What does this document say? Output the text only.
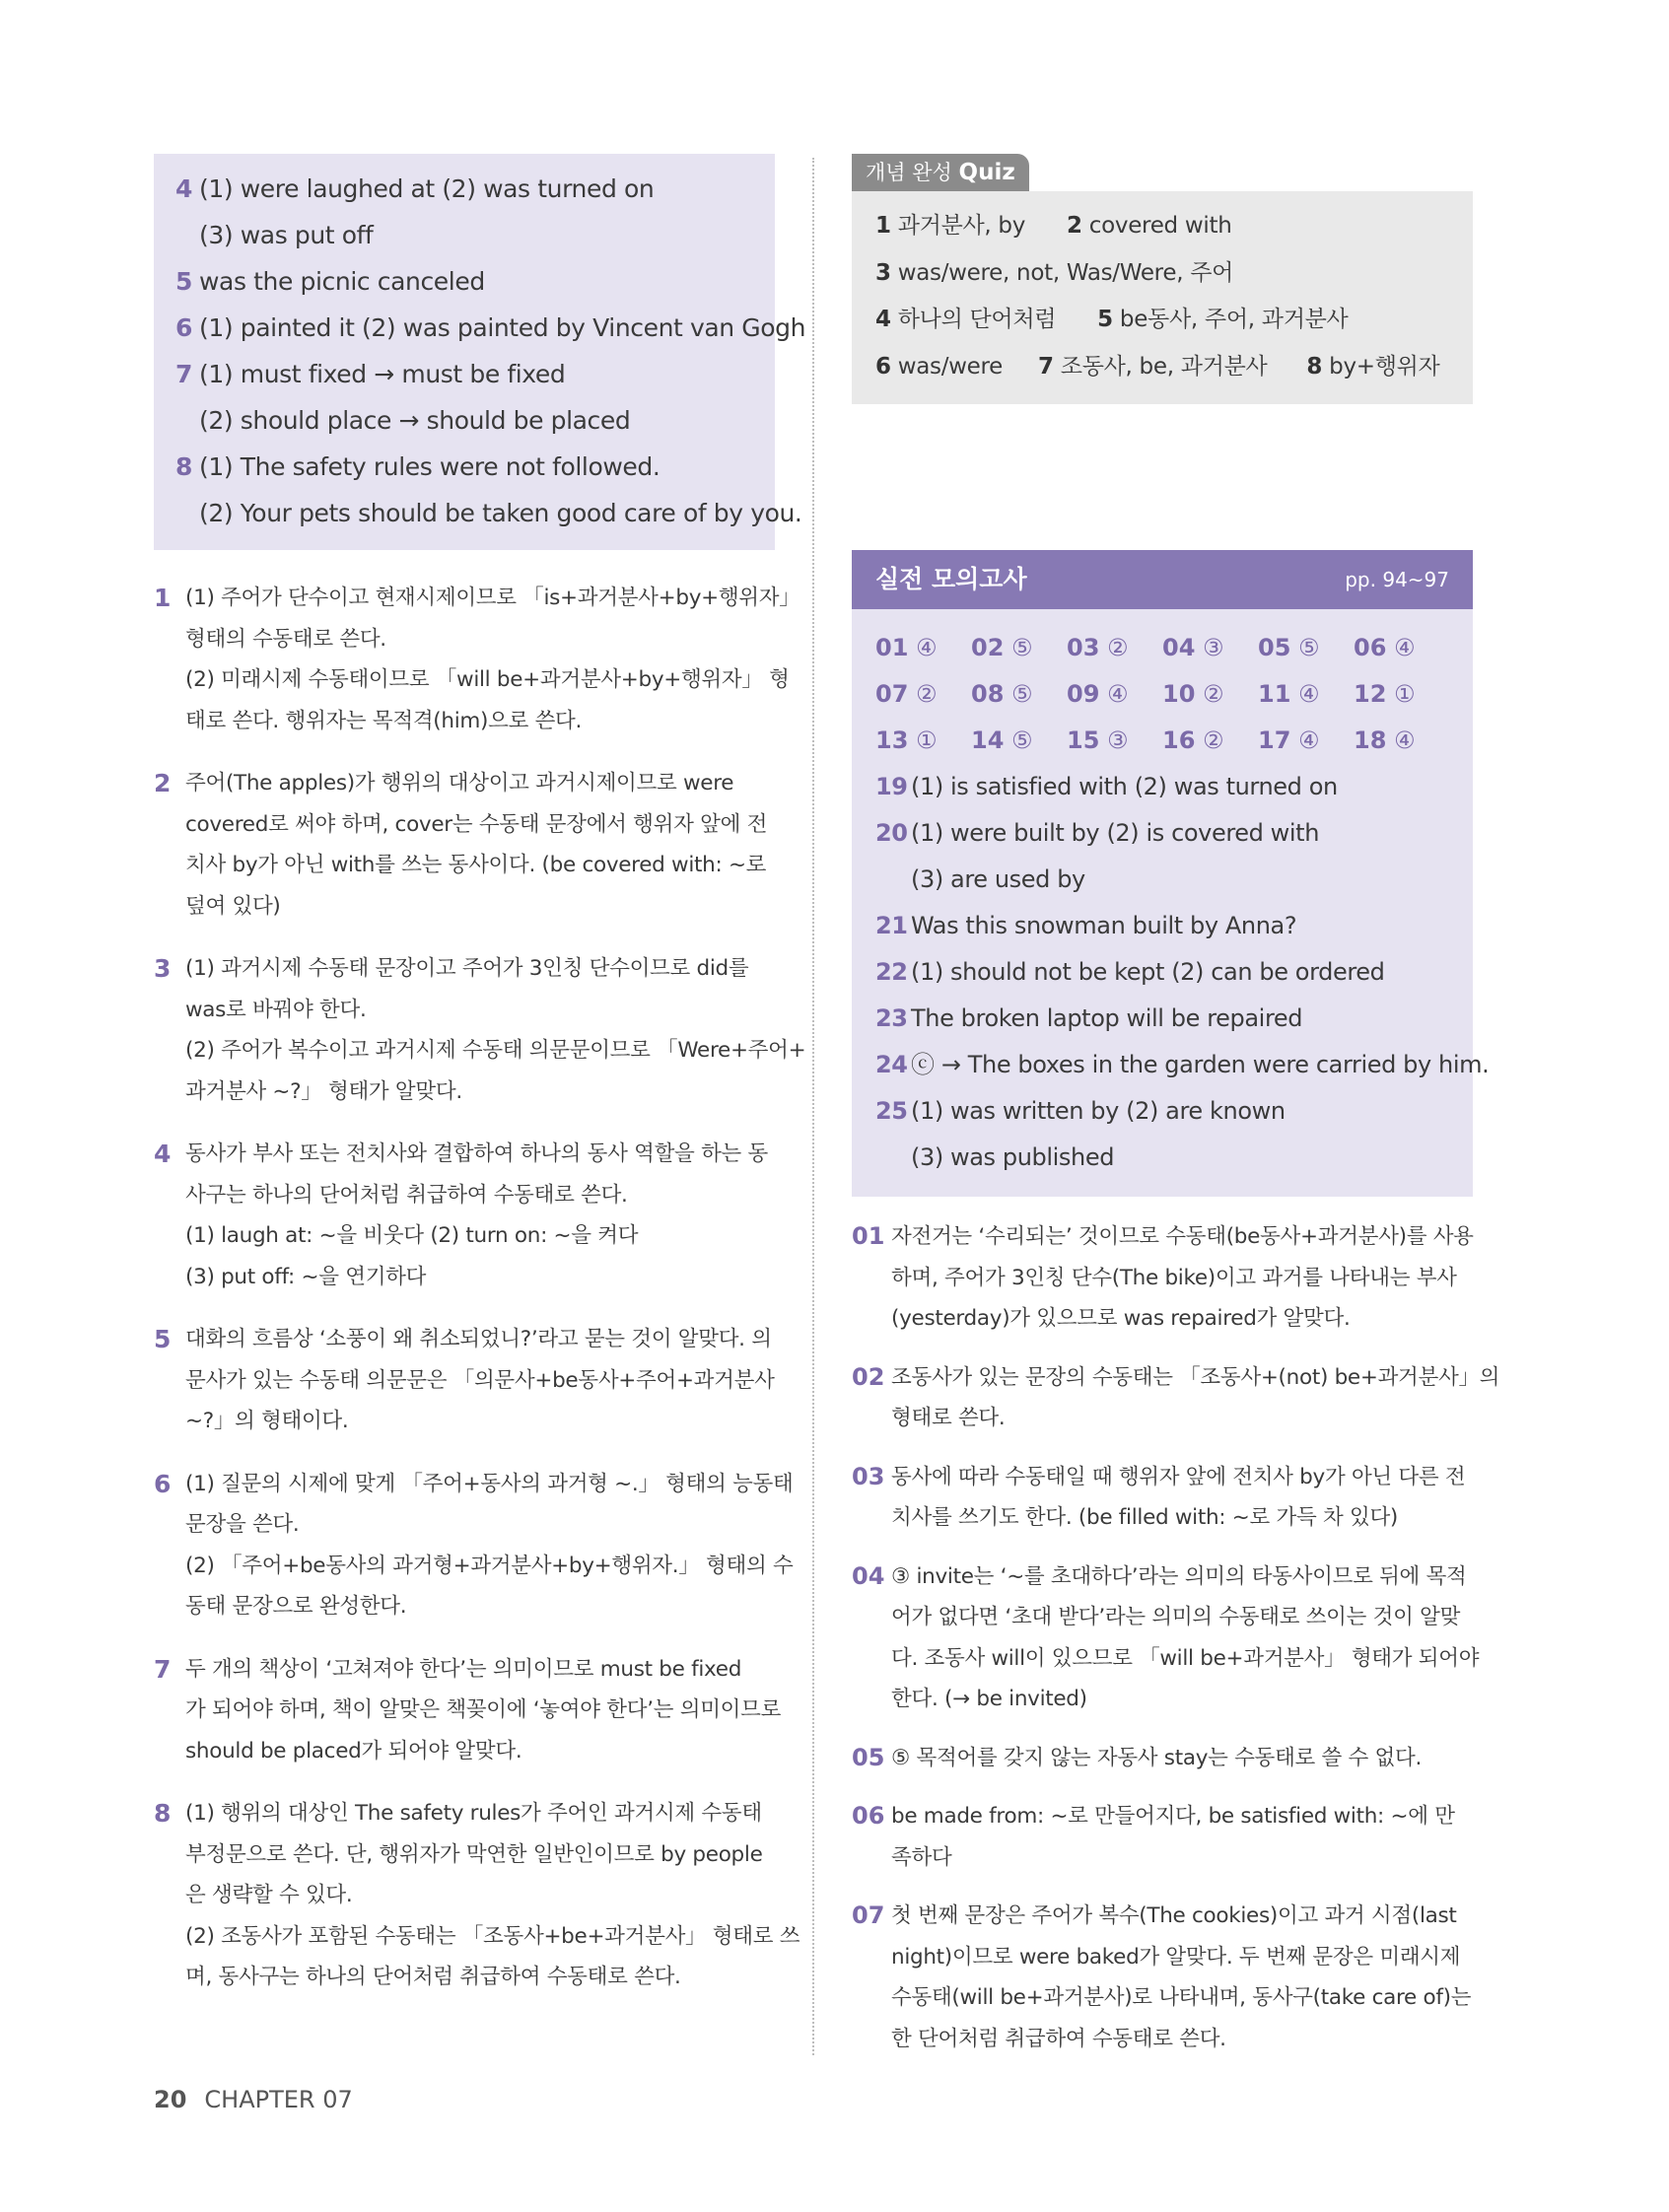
4 (1) were laughed at (2) was turned on
(3) was put off
5 was the picnic canceled
6 (1) painted it (2) was painted by Vincent van Gogh
7 (1) must fixed → must be fixed
(2) should place → should be placed
8 (1) The safety rules were not followed.
(2) Your pets should be taken good care of by you.
1 (1) 주어가 단수이고 현재시제이므로 「is+과거분사+by+행위자」
형태의 수동태로 쓴다.
(2) 미래시제 수동태이므로 「will be+과거분사+by+행위자」 형
태로 쓴다. 행위자는 목적격(him)으로 쓴다.
2 주어(The apples)가 행위의 대상이고 과거시제이므로 were
covered로 써야 하며, cover는 수동태 문장에서 행위자 앞에 전
치사 by가 아닌 with를 쓰는 동사이다. (be covered with: ~로
덮여 있다)
3 (1) 과거시제 수동태 문장이고 주어가 3인칭 단수이므로 did를
was로 바꿔야 한다.
(2) 주어가 복수이고 과거시제 수동태 의문문이므로 「Were+주어+
과거분사 ~?」 형태가 알맞다.
4 동사가 부사 또는 전치사와 결합하여 하나의 동사 역할을 하는 동
사구는 하나의 단어처럼 취급하여 수동태로 쓴다.
(1) laugh at: ~을 비웃다 (2) turn on: ~을 켜다
(3) put off: ~을 연기하다
5 대화의 흐름상 ‘소풍이 왜 취소되었니?’라고 묻는 것이 알맞다. 의
문사가 있는 수동태 의문문은 「의문사+be동사+주어+과거분사
~?」의 형태이다.
6 (1) 질문의 시제에 맞게 「주어+동사의 과거형 ~.」 형태의 능동태
문장을 쓴다.
(2) 「주어+be동사의 과거형+과거분사+by+행위자.」 형태의 수
동태 문장으로 완성한다.
7 두 개의 책상이 ‘고쳐져야 한다’는 의미이므로 must be fixed
가 되어야 하며, 책이 알맞은 책꽂이에 ‘놓여야 한다’는 의미이므로
should be placed가 되어야 알맞다.
8 (1) 행위의 대상인 The safety rules가 주어인 과거시제 수동태
부정문으로 쓴다. 단, 행위자가 막연한 일반인이므로 by people
은 생략할 수 있다.
(2) 조동사가 포함된 수동태는 「조동사+be+과거분사」 형태로 쓰
며, 동사구는 하나의 단어처럼 취급하여 수동태로 쓴다.
개념 완성 Quiz
1 과거분사, by 2 covered with
3 was/were, not, Was/Were, 주어
4 하나의 단어처럼 5 be동사, 주어, 과거분사
6 was/were 7 조동사, be, 과거분사 8 by+행위자
실전 모의고사	pp. 94~97
01 ④	02 ⑤	03 ②	04 ③	05 ⑤	06 ④
07 ②	08 ⑤	09 ④	10 ②	11 ④	12 ①
13 ①	14 ⑤	15 ③	16 ②	17 ④	18 ④
19 (1) is satisfied with (2) was turned on
20 (1) were built by (2) is covered with
(3) are used by
21 Was this snowman built by Anna?
22 (1) should not be kept (2) can be ordered
23 The broken laptop will be repaired
24 ⓒ → The boxes in the garden were carried by him.
25 (1) was written by (2) are known
(3) was published
01 자전거는 ‘수리되는’ 것이므로 수동태(be동사+과거분사)를 사용
하며, 주어가 3인칭 단수(The bike)이고 과거를 나타내는 부사
(yesterday)가 있으므로 was repaired가 알맞다.
02 조동사가 있는 문장의 수동태는 「조동사+(not) be+과거분사」의
형태로 쓴다.
03 동사에 따라 수동태일 때 행위자 앞에 전치사 by가 아닌 다른 전
치사를 쓰기도 한다. (be filled with: ~로 가득 차 있다)
04 ③ invite는 ‘~를 초대하다’라는 의미의 타동사이므로 뒤에 목적
어가 없다면 ‘초대 받다’라는 의미의 수동태로 쓰이는 것이 알맞
다. 조동사 will이 있으므로 「will be+과거분사」 형태가 되어야
한다. (→ be invited)
05 ⑤ 목적어를 갖지 않는 자동사 stay는 수동태로 쓸 수 없다.
06 be made from: ~로 만들어지다, be satisfied with: ~에 만
족하다
07 첫 번째 문장은 주어가 복수(The cookies)이고 과거 시점(last
night)이므로 were baked가 알맞다. 두 번째 문장은 미래시제
수동태(will be+과거분사)로 나타내며, 동사구(take care of)는
한 단어처럼 취급하여 수동태로 쓴다.
20 CHAPTER 07
